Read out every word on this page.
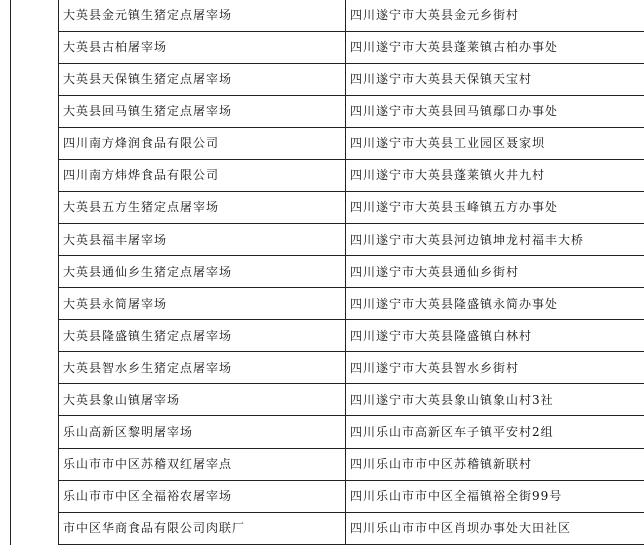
	大英县金元镇生猪定点屠宰场	四川遂宁市大英县金元乡街村
	大英县古柏屠宰场	四川遂宁市大英县蓬莱镇古柏办事处
	大英县天保镇生猪定点屠宰场	四川遂宁市大英县天保镇天宝村
	大英县回马镇生猪定点屠宰场	四川遂宁市大英县回马镇鄢口办事处
	四川南方烽润食品有限公司	四川遂宁市大英县工业园区聂家坝
	四川南方炜烨食品有限公司	四川遂宁市大英县蓬莱镇火井九村
	大英县五方生猪定点屠宰场	四川遂宁市大英县玉峰镇五方办事处
	大英县福丰屠宰场	四川遂宁市大英县河边镇坤龙村福丰大桥
	大英县通仙乡生猪定点屠宰场	四川遂宁市大英县通仙乡街村
	大英县永简屠宰场	四川遂宁市大英县隆盛镇永简办事处
	大英县隆盛镇生猪定点屠宰场	四川遂宁市大英县隆盛镇白林村
	大英县智水乡生猪定点屠宰场	四川遂宁市大英县智水乡街村
	大英县象山镇屠宰场	四川遂宁市大英县象山镇象山村3社
	乐山高新区黎明屠宰场	四川乐山市高新区车子镇平安村2组
	乐山市市中区苏稽双红屠宰点	四川乐山市市中区苏稽镇新联村
	乐山市市中区全福裕农屠宰场	四川乐山市市中区全福镇裕全街99号
	市中区华商食品有限公司肉联厂	四川乐山市市中区肖坝办事处大田社区
